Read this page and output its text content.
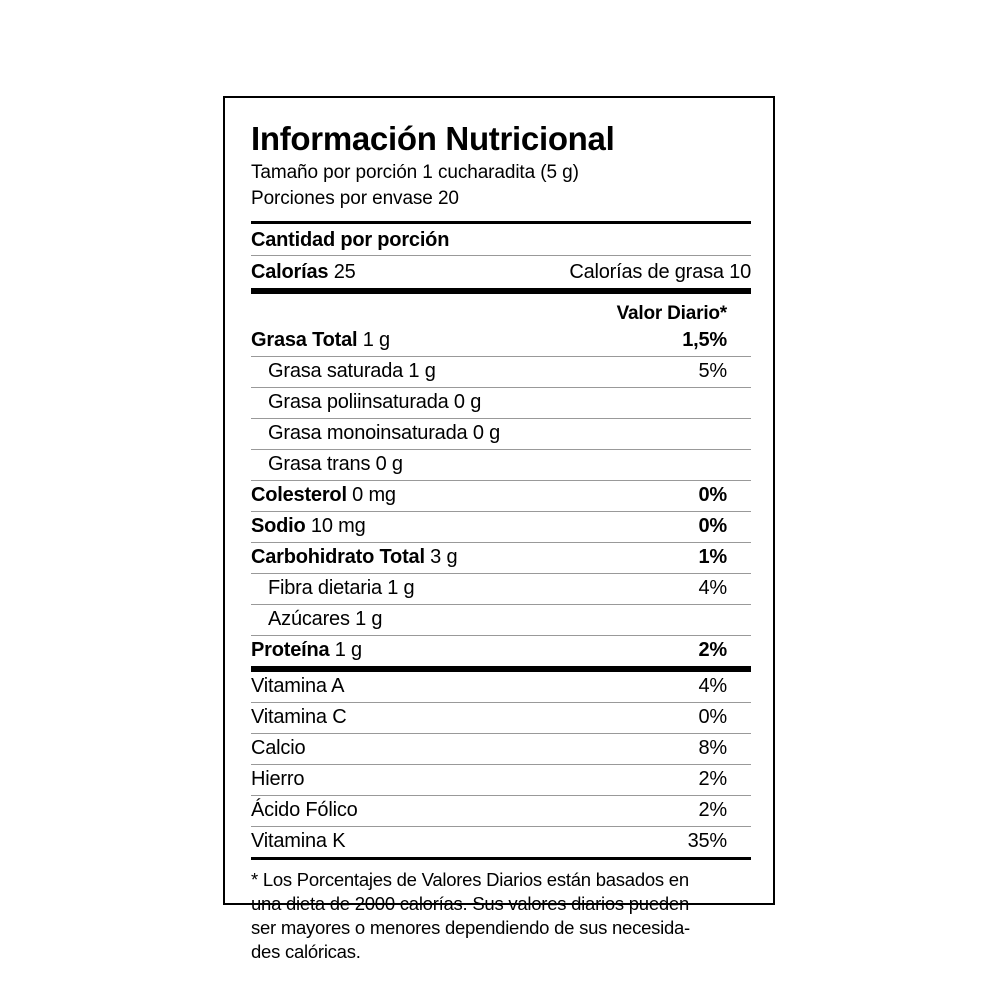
Información Nutricional
Tamaño por porción 1 cucharadita (5 g)
Porciones por envase 20
Cantidad por porción
Calorías 25	Calorías de grasa 10
Valor Diario*
Grasa Total 1 g	1,5%
Grasa saturada 1 g	5%
Grasa poliinsaturada 0 g
Grasa monoinsaturada 0 g
Grasa trans 0 g
Colesterol 0 mg	0%
Sodio 10 mg	0%
Carbohidrato Total 3 g	1%
Fibra dietaria 1 g	4%
Azúcares 1 g
Proteína 1 g	2%
Vitamina A	4%
Vitamina C	0%
Calcio	8%
Hierro	2%
Ácido Fólico	2%
Vitamina K	35%

* Los Porcentajes de Valores Diarios están basados en

una dieta de 2000 calorías. Sus valores diarios pueden

ser mayores o menores dependiendo de sus necesida-

des calóricas.
